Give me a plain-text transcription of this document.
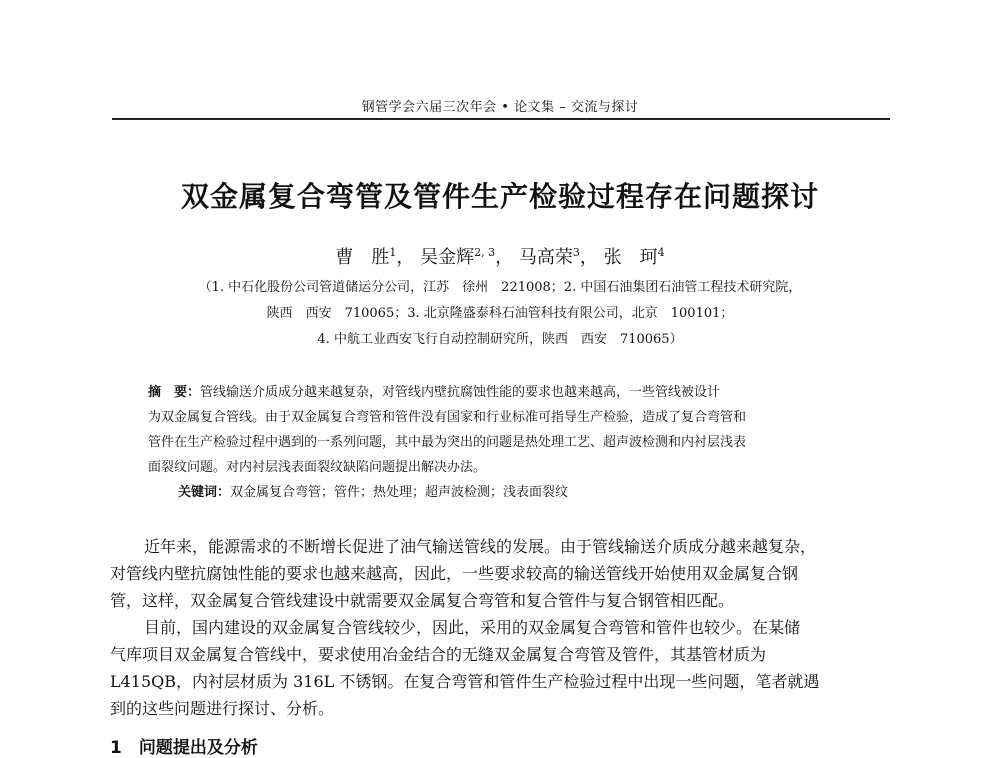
钢管学会六届三次年会 • 论文集 – 交流与探讨
双金属复合弯管及管件生产检验过程存在问题探讨
曹　胜$^1$， 吴金辉$^{2, 3}$， 马高荣$^3$， 张　珂$^4$
（1. 中石化股份公司管道储运分公司，江苏　徐州　221008；2. 中国石油集团石油管工程技术研究院，
陕西　西安　710065；3. 北京隆盛泰科石油管科技有限公司，北京　100101；
4. 中航工业西安飞行自动控制研究所，陕西　西安　710065）
摘　要：管线输送介质成分越来越复杂，对管线内壁抗腐蚀性能的要求也越来越高，一些管线被设计
为双金属复合管线。由于双金属复合弯管和管件没有国家和行业标准可指导生产检验，造成了复合弯管和
管件在生产检验过程中遇到的一系列问题，其中最为突出的问题是热处理工艺、超声波检测和内衬层浅表
面裂纹问题。对内衬层浅表面裂纹缺陷问题提出解决办法。
关键词：双金属复合弯管；管件；热处理；超声波检测；浅表面裂纹
近年来，能源需求的不断增长促进了油气输送管线的发展。由于管线输送介质成分越来越复杂，
对管线内壁抗腐蚀性能的要求也越来越高，因此，一些要求较高的输送管线开始使用双金属复合钢
管，这样，双金属复合管线建设中就需要双金属复合弯管和复合管件与复合钢管相匹配。
目前，国内建设的双金属复合管线较少，因此，采用的双金属复合弯管和管件也较少。在某储
气库项目双金属复合管线中，要求使用冶金结合的无缝双金属复合弯管及管件，其基管材质为
L415QB，内衬层材质为 316L 不锈钢。在复合弯管和管件生产检验过程中出现一些问题，笔者就遇
到的这些问题进行探讨、分析。
1　问题提出及分析
